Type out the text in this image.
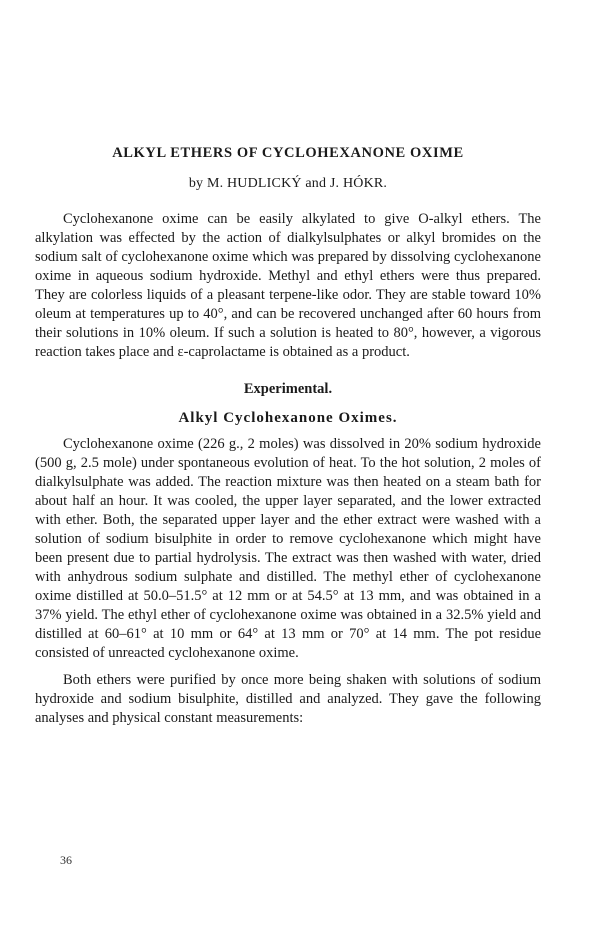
ALKYL ETHERS OF CYCLOHEXANONE OXIME
by M. HUDLICKÝ and J. HÓKR.

Cyclohexanone oxime can be easily alkylated to give O-alkyl ethers. The alkylation was effected by the action of dialkylsulphates or alkyl bromides on the sodium salt of cyclohexanone oxime which was prepared by dissolving cyclohexanone oxime in aqueous sodium hydroxide. Methyl and ethyl ethers were thus prepared. They are colorless liquids of a pleasant terpene-like odor. They are stable toward 10% oleum at temperatures up to 40°, and can be recovered unchanged after 60 hours from their solutions in 10% oleum. If such a solution is heated to 80°, however, a vigorous reaction takes place and ε-caprolactame is obtained as a product.

Experimental.
Alkyl Cyclohexanone Oximes.

Cyclohexanone oxime (226 g., 2 moles) was dissolved in 20% sodium hydroxide (500 g, 2.5 mole) under spontaneous evolution of heat. To the hot solution, 2 moles of dialkylsulphate was added. The reaction mixture was then heated on a steam bath for about half an hour. It was cooled, the upper layer separated, and the lower extracted with ether. Both, the separated upper layer and the ether extract were washed with a solution of sodium bisulphite in order to remove cyclohexanone which might have been present due to partial hydrolysis. The extract was then washed with water, dried with anhydrous sodium sulphate and distilled. The methyl ether of cyclohexanone oxime distilled at 50.0–51.5° at 12 mm or at 54.5° at 13 mm, and was obtained in a 37% yield. The ethyl ether of cyclohexanone oxime was obtained in a 32.5% yield and distilled at 60–61° at 10 mm or 64° at 13 mm or 70° at 14 mm. The pot residue consisted of unreacted cyclohexanone oxime.

Both ethers were purified by once more being shaken with solutions of sodium hydroxide and sodium bisulphite, distilled and analyzed. They gave the following analyses and physical constant measurements:

36
